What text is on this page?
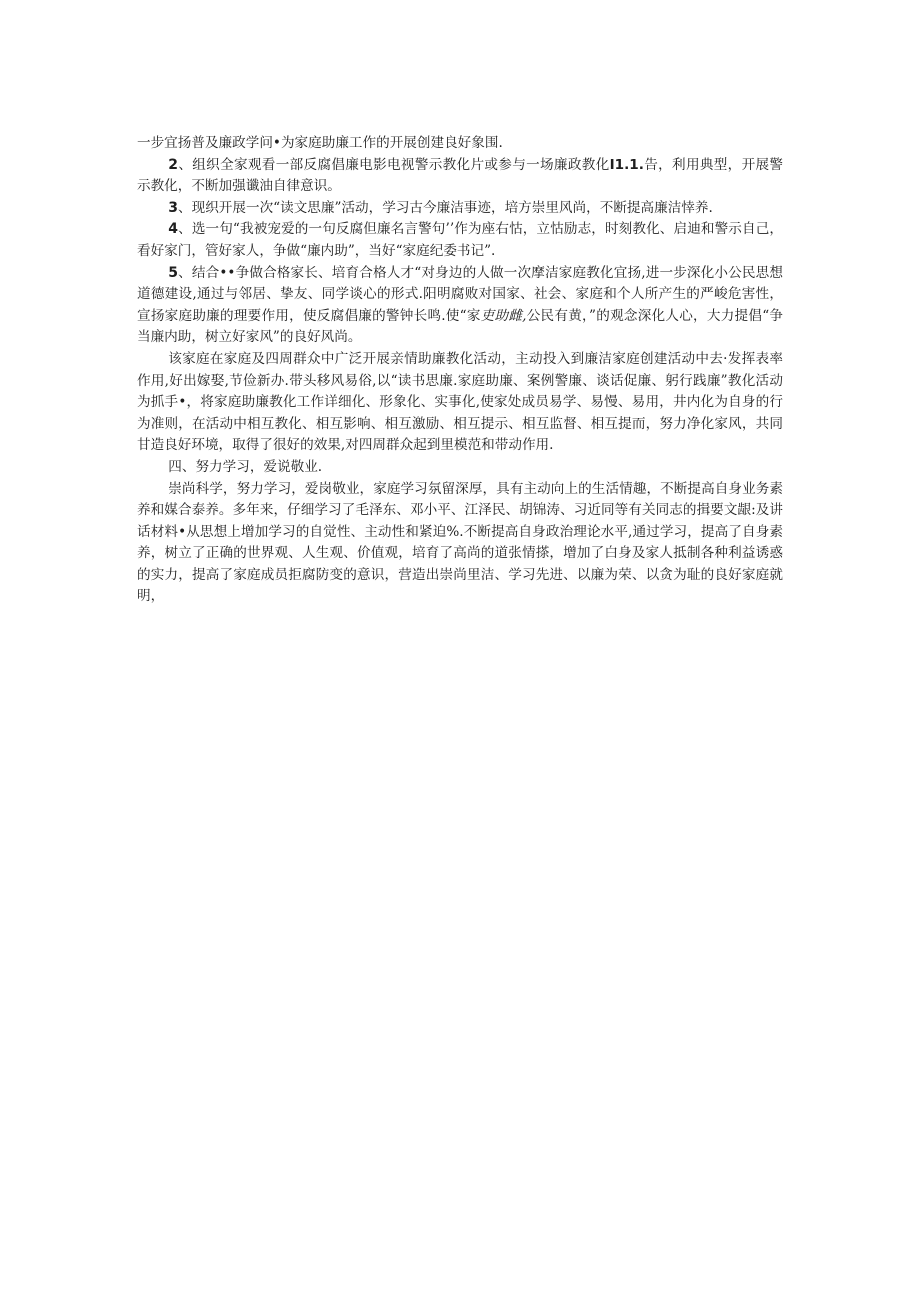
一步宜扬普及廉政学问•为家庭助廉工作的开展创建良好象围.

2、组织全家观看一部反腐倡廉电影电视警示教化片或参与一场廉政教化I1.1.告，利用典型，开展警示教化，不断加强谶油自律意识。

3、现织开展一次“读文思廉”活动，学习古今廉洁事迹，培方崇里风尚，不断提高廉洁悻养.

4、选一句“我被宠爱的一句反腐但廉名言警句’’作为座右怙，立怙励志，时刻教化、启迪和警示自己，看好家门，管好家人，争做“廉内助”，当好“家庭纪委书记”.

5、结合••争做合格家长、培育合格人才“对身边的人做一次摩洁家庭教化宜扬,进一步深化小公民思想道德建设,通过与邻居、挚友、同学谈心的形式.阳明腐败对国家、社会、家庭和个人所产生的严峻危害性，宣扬家庭助廉的理要作用，使反腐倡廉的警钟长鸣.使“家吏助雌,公民有黄，”的观念深化人心，大力提倡“争当廉内助，树立好家风”的良好风尚。

该家庭在家庭及四周群众中广泛开展亲情助廉教化活动，主动投入到廉洁家庭创建活动中去·发挥表率作用,好出嫁娶,节俭新办.带头移风易俗,以“读书思廉.家庭助廉、案例警廉、谈话促廉、躬行践廉”教化活动为抓手•，将家庭助廉教化工作详细化、形象化、实事化,使家处成员易学、易慢、易用，井内化为自身的行为准则，在活动中相互教化、相互影响、相互激励、相互提示、相互监督、相互提而，努力净化家风，共同甘造良好环境，取得了很好的效果,对四周群众起到里模范和带动作用.

四、努力学习，爱说敬业.

崇尚科学，努力学习，爱岗敬业，家庭学习氛留深厚，具有主动向上的生活情趣，不断提高自身业务素养和媒合泰养。多年来，仔细学习了毛泽东、邓小平、江泽民、胡锦涛、习近同等有关同志的揖要文龈:及讲话材料•从思想上增加学习的自觉性、主动性和紧迫%.不断提高自身政治理论水平,通过学习，提高了自身素养，树立了正确的世界观、人生观、价值观，培育了高尚的道张情搽，增加了白身及家人抵制各种利益诱惑的实力，提高了家庭成员拒腐防变的意识，营造出崇尚里洁、学习先进、以廉为荣、以贪为耻的良好家庭就明，
